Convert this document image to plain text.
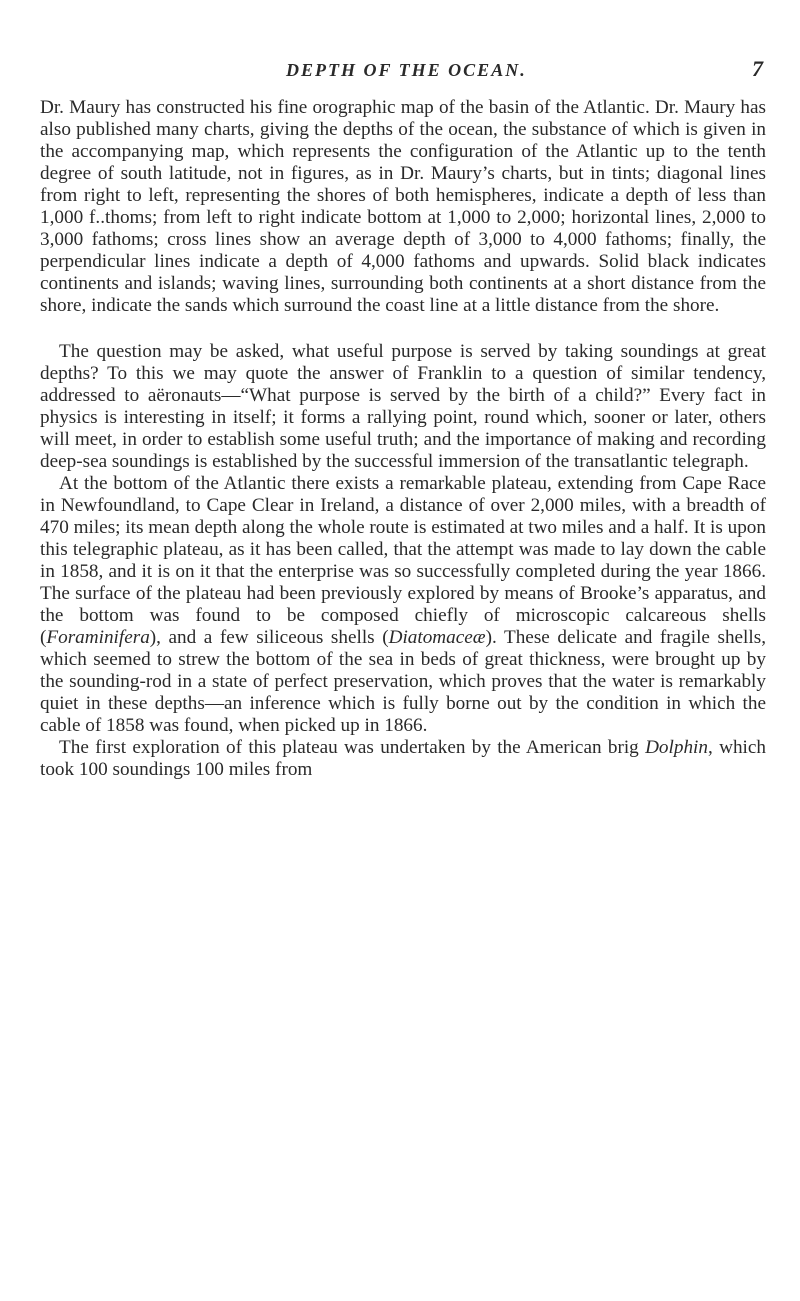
DEPTH OF THE OCEAN.	7

Dr. Maury has constructed his fine orographic map of the basin of the Atlantic. Dr. Maury has also published many charts, giving the depths of the ocean, the substance of which is given in the accompanying map, which represents the configuration of the Atlantic up to the tenth degree of south latitude, not in figures, as in Dr. Maury’s charts, but in tints; diagonal lines from right to left, representing the shores of both hemispheres, indicate a depth of less than 1,000 f..thoms; from left to right indicate bottom at 1,000 to 2,000; horizontal lines, 2,000 to 3,000 fathoms; cross lines show an average depth of 3,000 to 4,000 fathoms; finally, the perpendicular lines indicate a depth of 4,000 fathoms and upwards. Solid black indicates continents and islands; waving lines, surrounding both continents at a short distance from the shore, indicate the sands which surround the coast line at a little distance from the shore.

The question may be asked, what useful purpose is served by taking soundings at great depths? To this we may quote the answer of Franklin to a question of similar tendency, addressed to aëronauts—“What purpose is served by the birth of a child?” Every fact in physics is interesting in itself; it forms a rallying point, round which, sooner or later, others will meet, in order to establish some useful truth; and the importance of making and recording deep-sea soundings is established by the successful immersion of the transatlantic telegraph.

At the bottom of the Atlantic there exists a remarkable plateau, extending from Cape Race in Newfoundland, to Cape Clear in Ireland, a distance of over 2,000 miles, with a breadth of 470 miles; its mean depth along the whole route is estimated at two miles and a half. It is upon this telegraphic plateau, as it has been called, that the attempt was made to lay down the cable in 1858, and it is on it that the enterprise was so successfully completed during the year 1866. The surface of the plateau had been previously explored by means of Brooke’s apparatus, and the bottom was found to be composed chiefly of microscopic calcareous shells (Foraminifera), and a few siliceous shells (Diatomaceæ). These delicate and fragile shells, which seemed to strew the bottom of the sea in beds of great thickness, were brought up by the sounding-rod in a state of perfect preservation, which proves that the water is remarkably quiet in these depths—an inference which is fully borne out by the condition in which the cable of 1858 was found, when picked up in 1866.

The first exploration of this plateau was undertaken by the American brig Dolphin, which took 100 soundings 100 miles from
